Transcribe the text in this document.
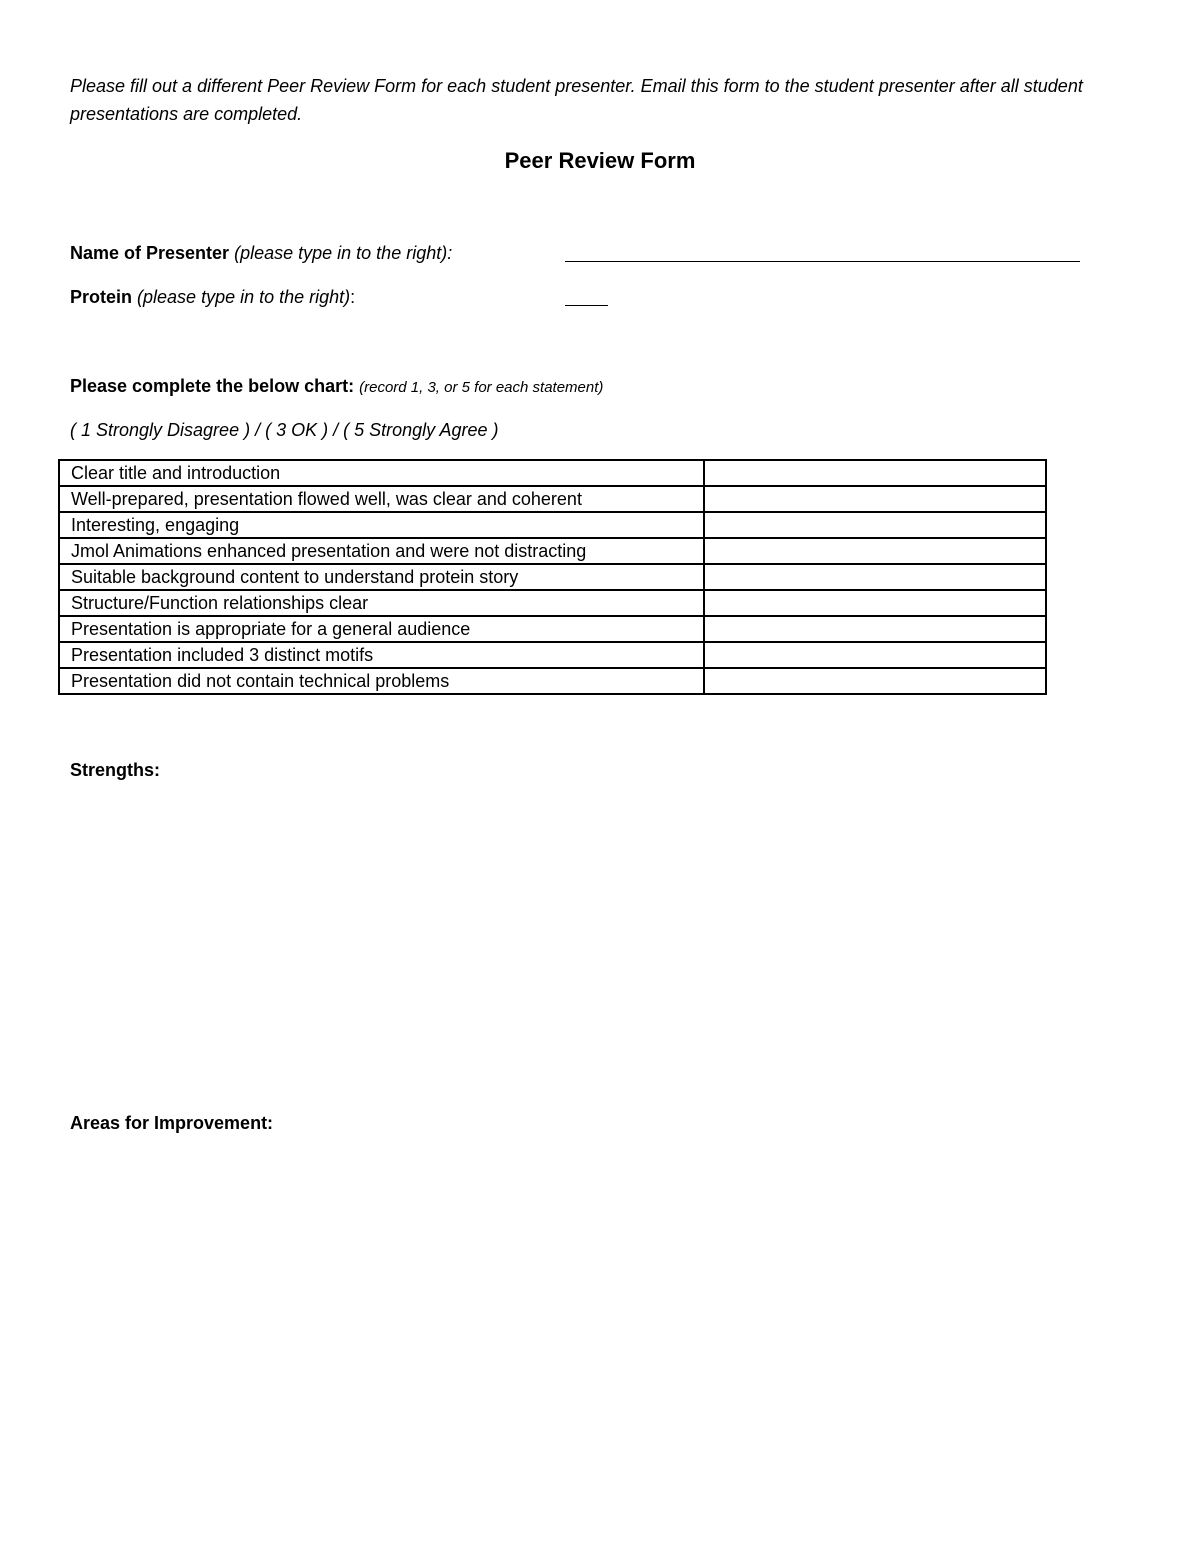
Please fill out a different Peer Review Form for each student presenter. Email this form to the student presenter after all student presentations are completed.
Peer Review Form
Name of Presenter (please type in to the right):
Protein (please type in to the right):
Please complete the below chart: (record 1, 3, or 5 for each statement)
( 1 Strongly Disagree ) / ( 3 OK ) / ( 5 Strongly Agree )
Clear title and introduction	
Well-prepared, presentation flowed well, was clear and coherent	
Interesting, engaging	
Jmol Animations enhanced presentation and were not distracting	
Suitable background content to understand protein story	
Structure/Function relationships clear	
Presentation is appropriate for a general audience	
Presentation included 3 distinct motifs	
Presentation did not contain technical problems	
Strengths:
Areas for Improvement:
